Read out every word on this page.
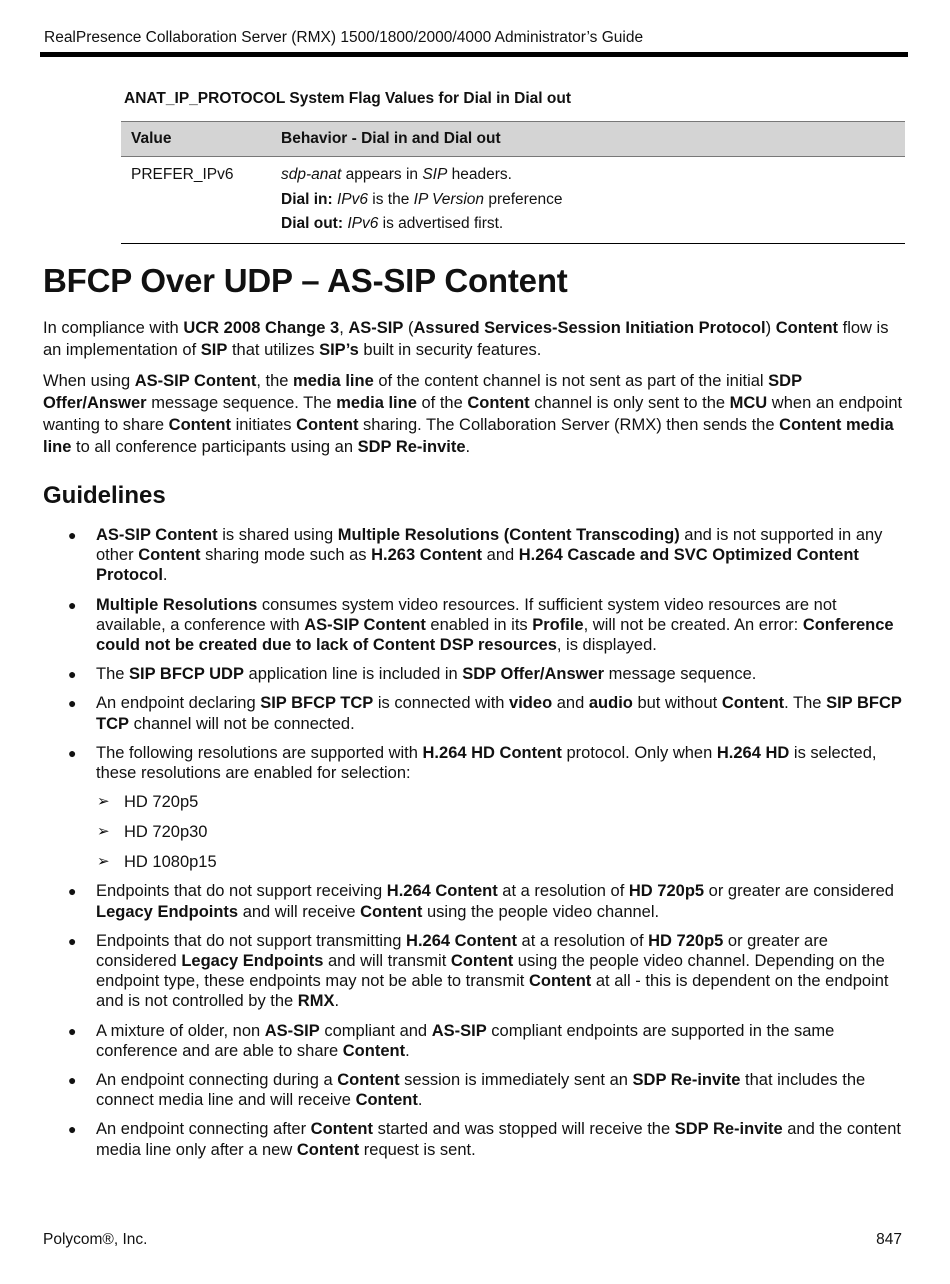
RealPresence Collaboration Server (RMX) 1500/1800/2000/4000 Administrator’s Guide
ANAT_IP_PROTOCOL System Flag Values for Dial in Dial out
Value	Behavior - Dial in and Dial out
PREFER_IPv6	sdp-anat appears in SIP headers.
Dial in: IPv6 is the IP Version preference
Dial out: IPv6 is advertised first.
BFCP Over UDP – AS-SIP Content

In compliance with UCR 2008 Change 3, AS-SIP (Assured Services-Session Initiation Protocol) Content flow is an implementation of SIP that utilizes SIP’s built in security features.

When using AS-SIP Content, the media line of the content channel is not sent as part of the initial SDP Offer/Answer message sequence. The media line of the Content channel is only sent to the MCU when an endpoint wanting to share Content initiates Content sharing. The Collaboration Server (RMX) then sends the Content media line to all conference participants using an SDP Re-invite.

Guidelines
● AS-SIP Content is shared using Multiple Resolutions (Content Transcoding) and is not supported in any other Content sharing mode such as H.263 Content and H.264 Cascade and SVC Optimized Content Protocol.
● Multiple Resolutions consumes system video resources. If sufficient system video resources are not available, a conference with AS-SIP Content enabled in its Profile, will not be created. An error: Conference could not be created due to lack of Content DSP resources, is displayed.
● The SIP BFCP UDP application line is included in SDP Offer/Answer message sequence.
● An endpoint declaring SIP BFCP TCP is connected with video and audio but without Content. The SIP BFCP TCP channel will not be connected.
● The following resolutions are supported with H.264 HD Content protocol. Only when H.264 HD is selected, these resolutions are enabled for selection:
➢ HD 720p5
➢ HD 720p30
➢ HD 1080p15
● Endpoints that do not support receiving H.264 Content at a resolution of HD 720p5 or greater are considered Legacy Endpoints and will receive Content using the people video channel.
● Endpoints that do not support transmitting H.264 Content at a resolution of HD 720p5 or greater are considered Legacy Endpoints and will transmit Content using the people video channel. Depending on the endpoint type, these endpoints may not be able to transmit Content at all - this is dependent on the endpoint and is not controlled by the RMX.
● A mixture of older, non AS-SIP compliant and AS-SIP compliant endpoints are supported in the same conference and are able to share Content.
● An endpoint connecting during a Content session is immediately sent an SDP Re-invite that includes the connect media line and will receive Content.
● An endpoint connecting after Content started and was stopped will receive the SDP Re-invite and the content media line only after a new Content request is sent.
Polycom®, Inc.	847
